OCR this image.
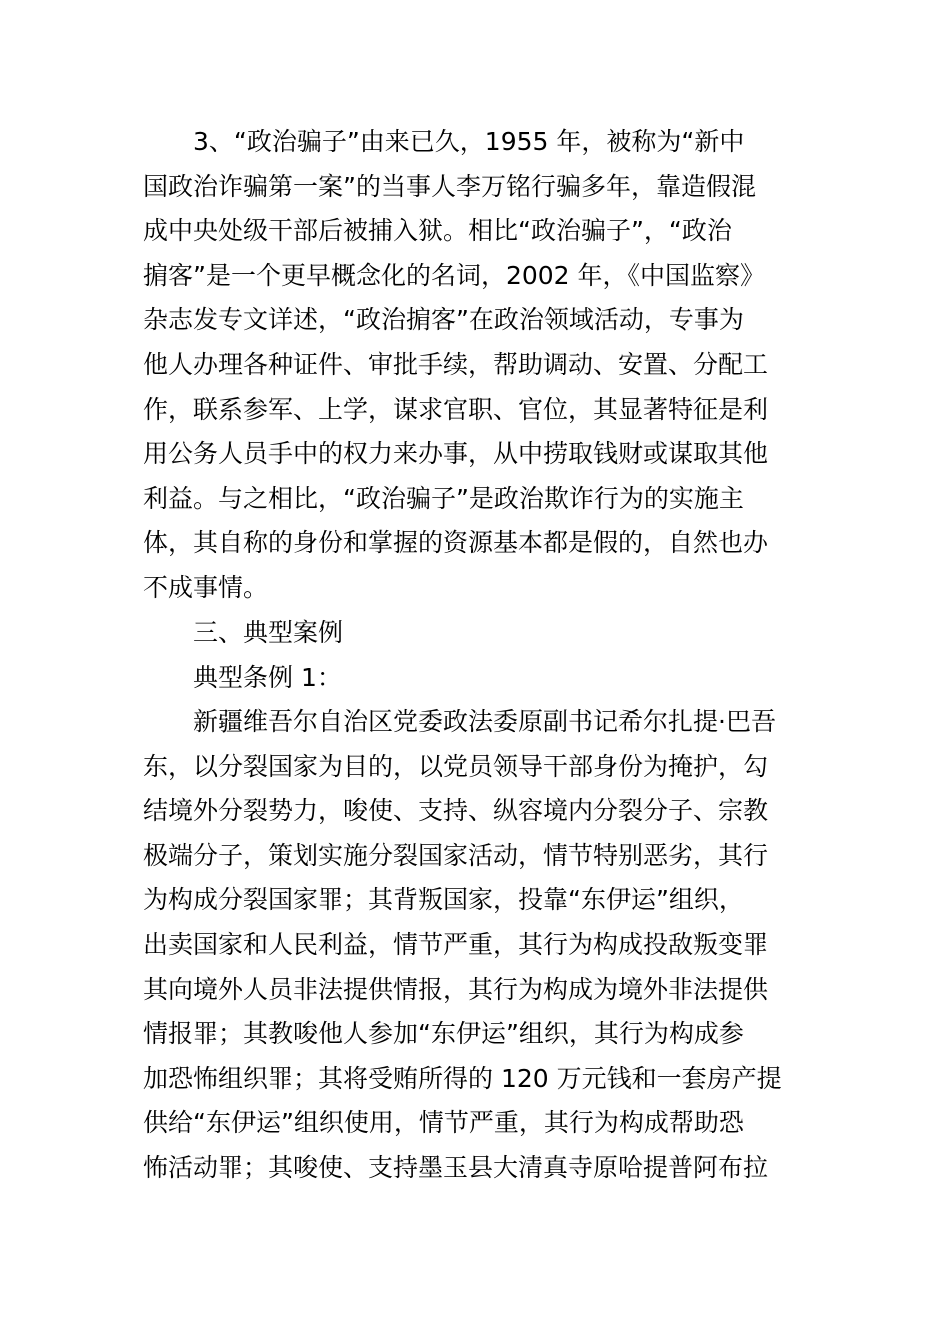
3、“政治骗子”由来已久，1955 年，被称为“新中
国政治诈骗第一案”的当事人李万铭行骗多年，靠造假混
成中央处级干部后被捕入狱。相比“政治骗子”，“政治
掮客”是一个更早概念化的名词，2002 年，《中国监察》
杂志发专文详述，“政治掮客”在政治领域活动，专事为
他人办理各种证件、审批手续，帮助调动、安置、分配工
作，联系参军、上学，谋求官职、官位，其显著特征是利
用公务人员手中的权力来办事，从中捞取钱财或谋取其他
利益。与之相比，“政治骗子”是政治欺诈行为的实施主
体，其自称的身份和掌握的资源基本都是假的，自然也办
不成事情。
三、典型案例
典型条例 1：
新疆维吾尔自治区党委政法委原副书记希尔扎提·巴吾
东，以分裂国家为目的，以党员领导干部身份为掩护，勾
结境外分裂势力，唆使、支持、纵容境内分裂分子、宗教
极端分子，策划实施分裂国家活动，情节特别恶劣，其行
为构成分裂国家罪；其背叛国家，投靠“东伊运”组织，
出卖国家和人民利益，情节严重，其行为构成投敌叛变罪
其向境外人员非法提供情报，其行为构成为境外非法提供
情报罪；其教唆他人参加“东伊运”组织，其行为构成参
加恐怖组织罪；其将受贿所得的 120 万元钱和一套房产提
供给“东伊运”组织使用，情节严重，其行为构成帮助恐
怖活动罪；其唆使、支持墨玉县大清真寺原哈提普阿布拉
